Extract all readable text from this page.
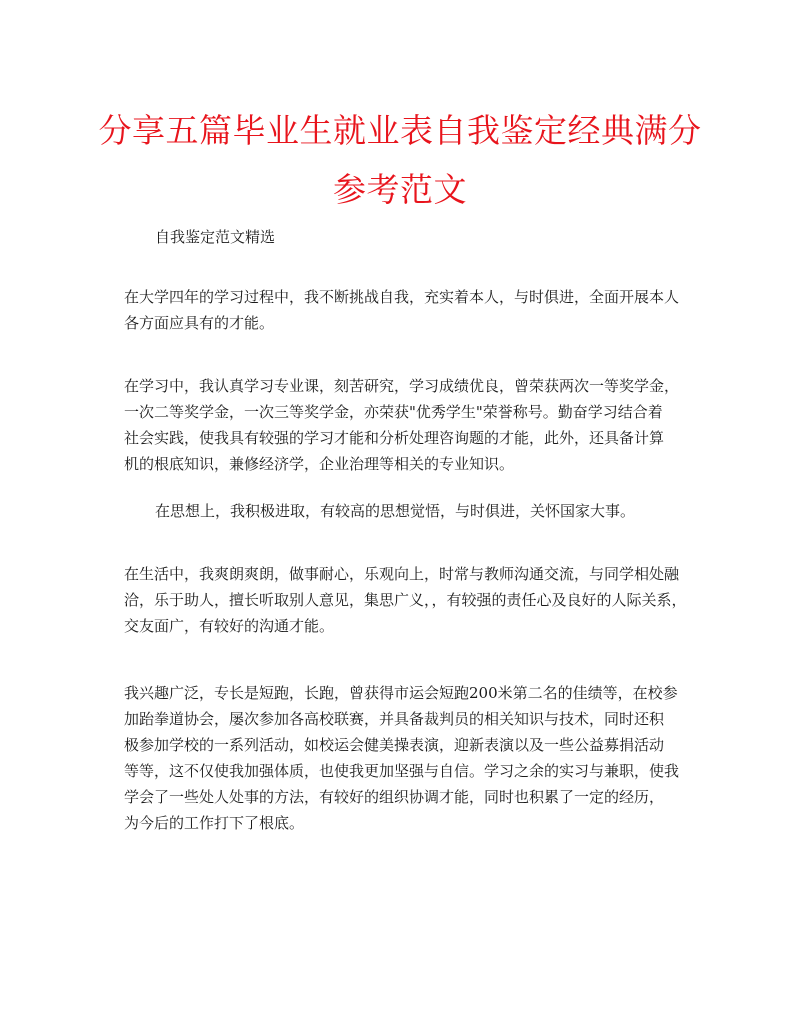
分享五篇毕业生就业表自我鉴定经典满分
参考范文
自我鉴定范文精选
在大学四年的学习过程中，我不断挑战自我，充实着本人，与时俱进，全面开展本人
各方面应具有的才能。
在学习中，我认真学习专业课，刻苦研究，学习成绩优良，曾荣获两次一等奖学金，
一次二等奖学金，一次三等奖学金，亦荣获"优秀学生"荣誉称号。勤奋学习结合着
社会实践，使我具有较强的学习才能和分析处理咨询题的才能，此外，还具备计算
机的根底知识，兼修经济学，企业治理等相关的专业知识。
在思想上，我积极进取，有较高的思想觉悟，与时俱进，关怀国家大事。
在生活中，我爽朗爽朗，做事耐心，乐观向上，时常与教师沟通交流，与同学相处融
洽，乐于助人，擅长听取别人意见，集思广义，，有较强的责任心及良好的人际关系，
交友面广，有较好的沟通才能。
我兴趣广泛，专长是短跑，长跑，曾获得市运会短跑200米第二名的佳绩等，在校参
加跆拳道协会，屡次参加各高校联赛，并具备裁判员的相关知识与技术，同时还积
极参加学校的一系列活动，如校运会健美操表演，迎新表演以及一些公益募捐活动
等等，这不仅使我加强体质，也使我更加坚强与自信。学习之余的实习与兼职，使我
学会了一些处人处事的方法，有较好的组织协调才能，同时也积累了一定的经历，
为今后的工作打下了根底。
